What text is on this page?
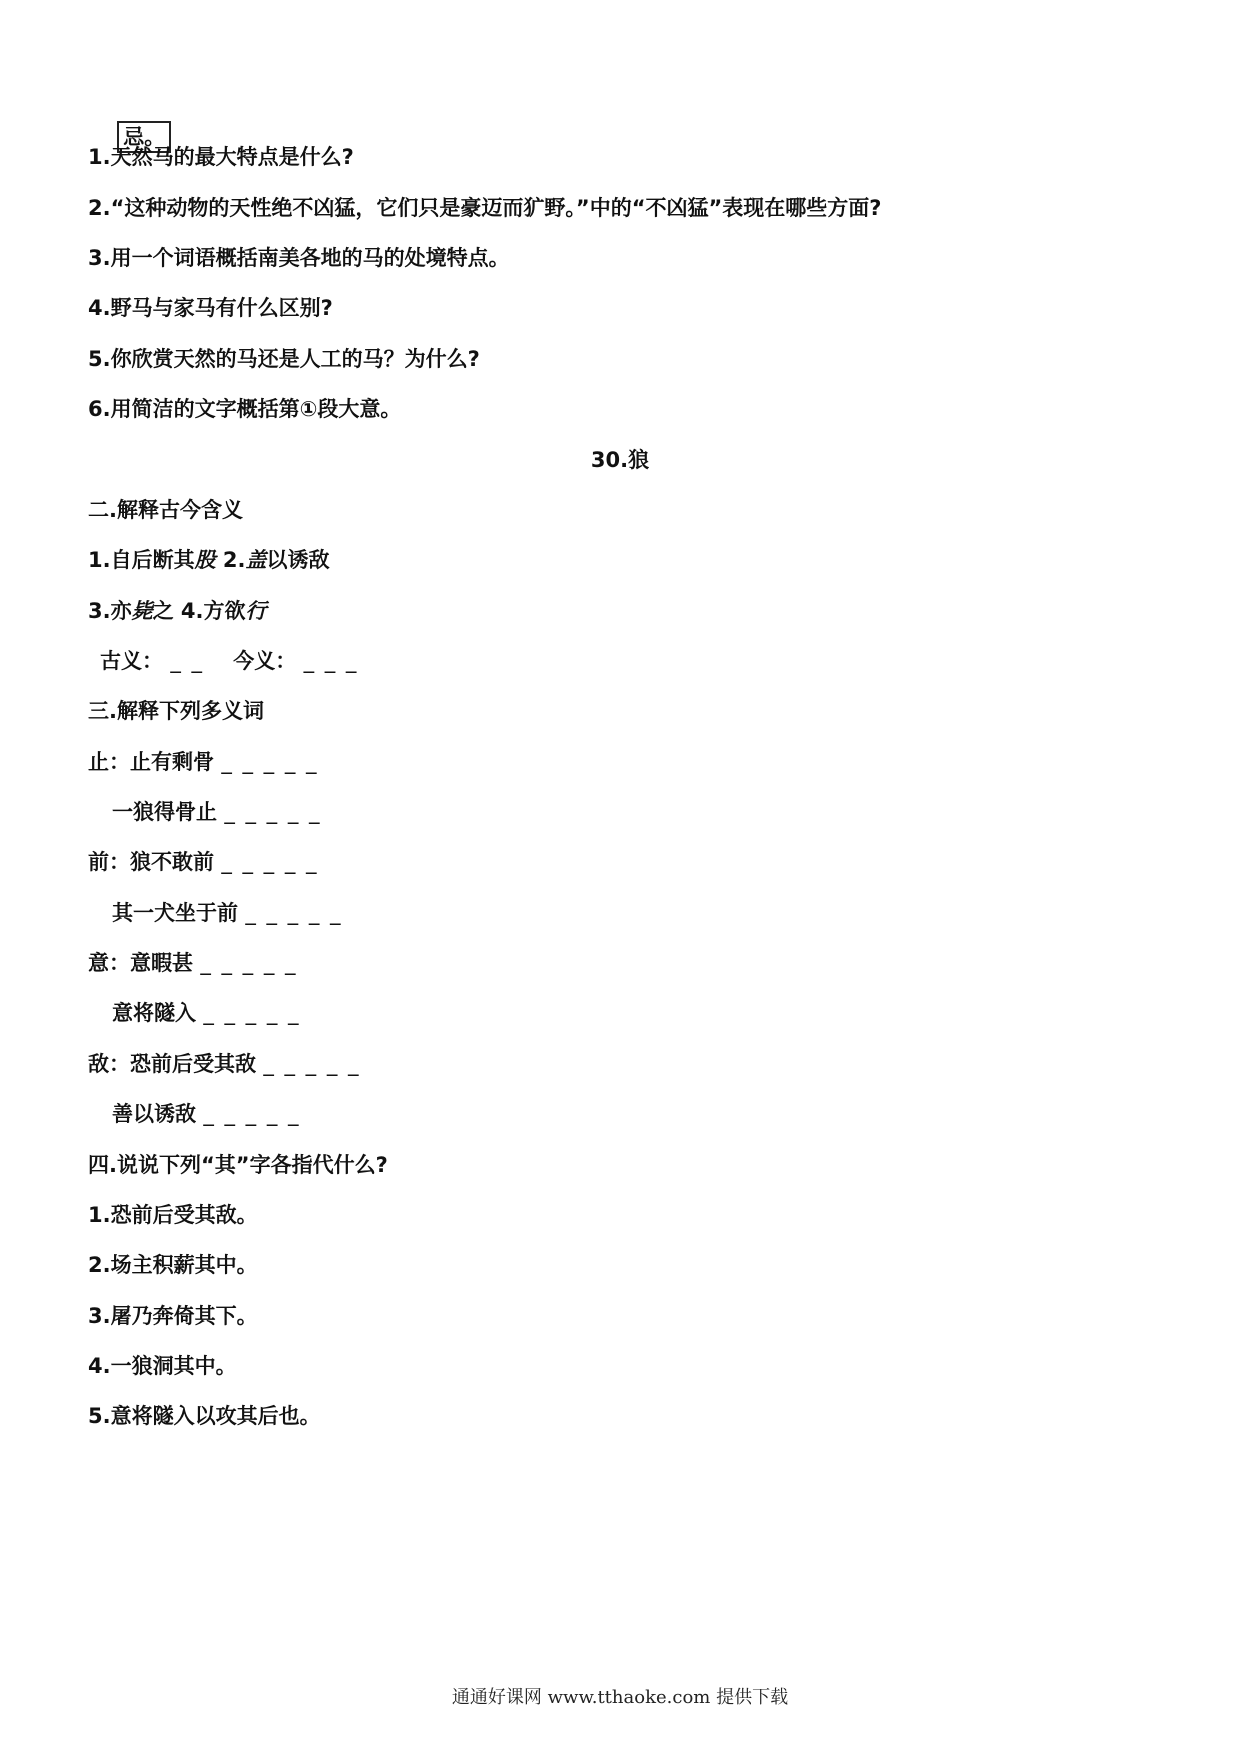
忌。

1.天然马的最大特点是什么?
2.“这种动物的天性绝不凶猛，它们只是豪迈而犷野。”中的“不凶猛”表现在哪些方面?
3.用一个词语概括南美各地的马的处境特点。
4.野马与家马有什么区别?
5.你欣赏天然的马还是人工的马？为什么?
6.用简洁的文字概括第①段大意。
30.狼
二.解释古今含义
1.自后断其股 2.盖以诱敌
3.亦毙之 4.方欲行
古义： _ _ 今义： _ _ _
三.解释下列多义词
止：止有剩骨 _ _ _ _ _
一狼得骨止 _ _ _ _ _
前：狼不敢前 _ _ _ _ _
其一犬坐于前 _ _ _ _ _
意：意暇甚 _ _ _ _ _
意将隧入 _ _ _ _ _
敌：恐前后受其敌 _ _ _ _ _
善以诱敌 _ _ _ _ _
四.说说下列“其”字各指代什么?
1.恐前后受其敌。
2.场主积薪其中。
3.屠乃奔倚其下。
4.一狼洞其中。
5.意将隧入以攻其后也。
通通好课网 www.tthaoke.com 提供下载
